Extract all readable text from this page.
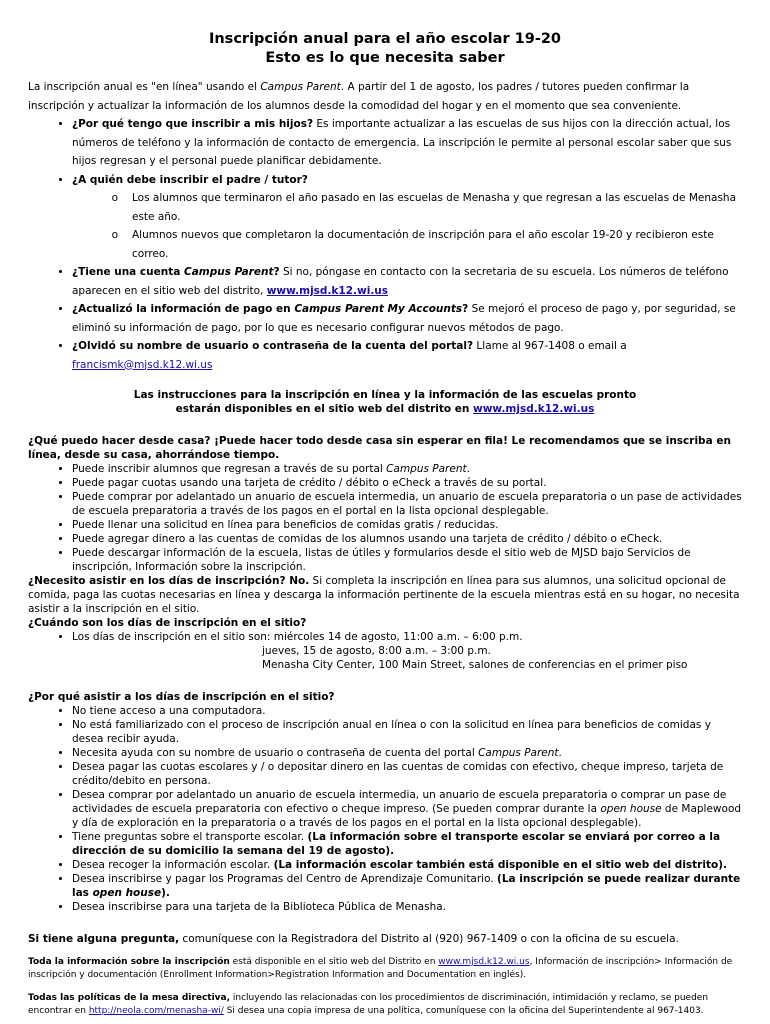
Inscripción anual para el año escolar 19-20
Esto es lo que necesita saber

La inscripción anual es "en línea" usando el Campus Parent. A partir del 1 de agosto, los padres / tutores pueden confirmar la inscripción y actualizar la información de los alumnos desde la comodidad del hogar y en el momento que sea conveniente.

• ¿Por qué tengo que inscribir a mis hijos? Es importante actualizar a las escuelas de sus hijos con la dirección actual, los números de teléfono y la información de contacto de emergencia. La inscripción le permite al personal escolar saber que sus hijos regresan y el personal puede planificar debidamente.
• ¿A quién debe inscribir el padre / tutor?
o Los alumnos que terminaron el año pasado en las escuelas de Menasha y que regresan a las escuelas de Menasha este año.
o Alumnos nuevos que completaron la documentación de inscripción para el año escolar 19-20 y recibieron este correo.
• ¿Tiene una cuenta Campus Parent? Si no, póngase en contacto con la secretaria de su escuela. Los números de teléfono aparecen en el sitio web del distrito, www.mjsd.k12.wi.us
• ¿Actualizó la información de pago en Campus Parent My Accounts? Se mejoró el proceso de pago y, por seguridad, se eliminó su información de pago, por lo que es necesario configurar nuevos métodos de pago.
• ¿Olvidó su nombre de usuario o contraseña de la cuenta del portal? Llame al 967-1408 o email a francismk@mjsd.k12.wi.us

Las instrucciones para la inscripción en línea y la información de las escuelas pronto
estarán disponibles en el sitio web del distrito en www.mjsd.k12.wi.us

¿Qué puedo hacer desde casa? ¡Puede hacer todo desde casa sin esperar en fila! Le recomendamos que se inscriba en línea, desde su casa, ahorrándose tiempo.

• Puede inscribir alumnos que regresan a través de su portal Campus Parent.
• Puede pagar cuotas usando una tarjeta de crédito / débito o eCheck a través de su portal.
• Puede comprar por adelantado un anuario de escuela intermedia, un anuario de escuela preparatoria o un pase de actividades de escuela preparatoria a través de los pagos en el portal en la lista opcional desplegable.
• Puede llenar una solicitud en línea para beneficios de comidas gratis / reducidas.
• Puede agregar dinero a las cuentas de comidas de los alumnos usando una tarjeta de crédito / débito o eCheck.
• Puede descargar información de la escuela, listas de útiles y formularios desde el sitio web de MJSD bajo Servicios de inscripción, Información sobre la inscripción.

¿Necesito asistir en los días de inscripción? No. Si completa la inscripción en línea para sus alumnos, una solicitud opcional de comida, paga las cuotas necesarias en línea y descarga la información pertinente de la escuela mientras está en su hogar, no necesita asistir a la inscripción en el sitio.

¿Cuándo son los días de inscripción en el sitio?

• Los días de inscripción en el sitio son: miércoles 14 de agosto, 11:00 a.m. – 6:00 p.m.
jueves, 15 de agosto, 8:00 a.m. – 3:00 p.m.
Menasha City Center, 100 Main Street, salones de conferencias en el primer piso

¿Por qué asistir a los días de inscripción en el sitio?

• No tiene acceso a una computadora.
• No está familiarizado con el proceso de inscripción anual en línea o con la solicitud en línea para beneficios de comidas y desea recibir ayuda.
• Necesita ayuda con su nombre de usuario o contraseña de cuenta del portal Campus Parent.
• Desea pagar las cuotas escolares y / o depositar dinero en las cuentas de comidas con efectivo, cheque impreso, tarjeta de crédito/debito en persona.
• Desea comprar por adelantado un anuario de escuela intermedia, un anuario de escuela preparatoria o comprar un pase de actividades de escuela preparatoria con efectivo o cheque impreso. (Se pueden comprar durante la open house de Maplewood y día de exploración en la preparatoria o a través de los pagos en el portal en la lista opcional desplegable).
• Tiene preguntas sobre el transporte escolar. (La información sobre el transporte escolar se enviará por correo a la dirección de su domicilio la semana del 19 de agosto).
• Desea recoger la información escolar. (La información escolar también está disponible en el sitio web del distrito).
• Desea inscribirse y pagar los Programas del Centro de Aprendizaje Comunitario. (La inscripción se puede realizar durante las open house).
• Desea inscribirse para una tarjeta de la Biblioteca Pública de Menasha.

Si tiene alguna pregunta, comuníquese con la Registradora del Distrito al (920) 967-1409 o con la oficina de su escuela.

Toda la información sobre la inscripción está disponible en el sitio web del Distrito en www.mjsd.k12.wi.us, Información de inscripción> Información de inscripción y documentación (Enrollment Information>Registration Information and Documentation en inglés).

Todas las políticas de la mesa directiva, incluyendo las relacionadas con los procedimientos de discriminación, intimidación y reclamo, se pueden encontrar en http://neola.com/menasha-wi/ Si desea una copia impresa de una política, comuníquese con la oficina del Superintendente al 967-1403.
